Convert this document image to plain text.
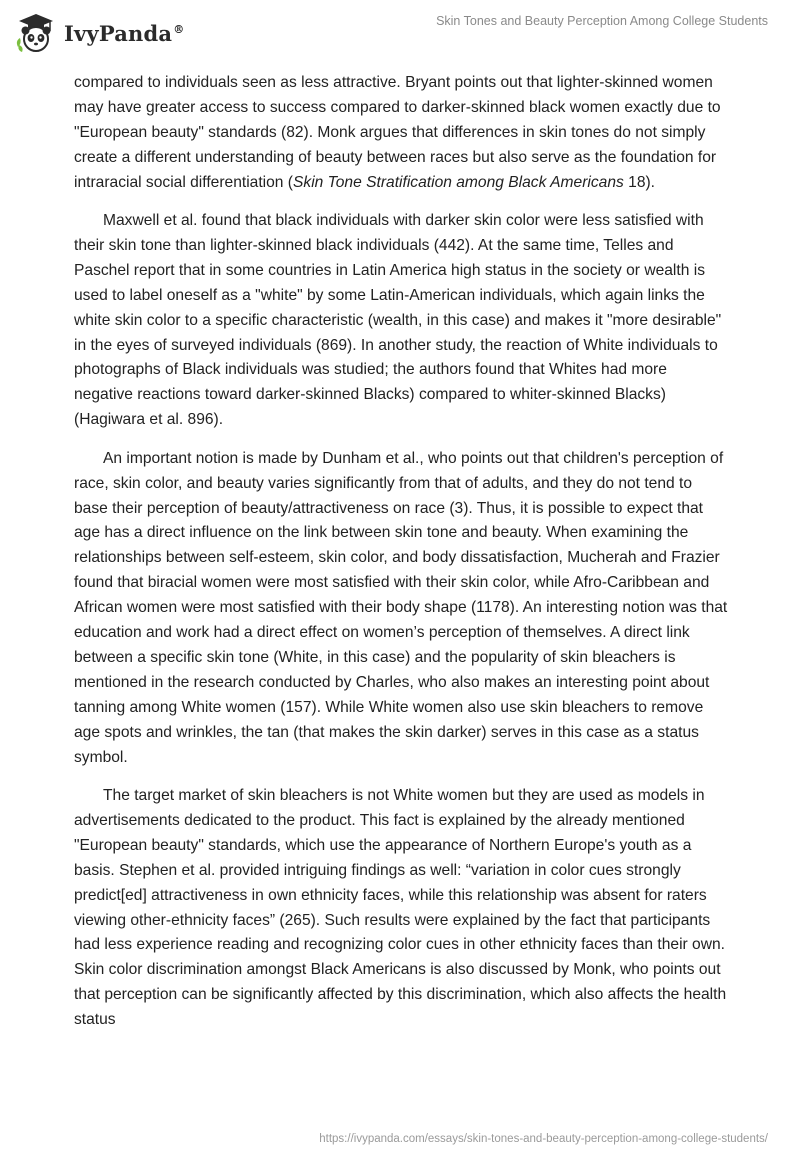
IvyPanda®
Skin Tones and Beauty Perception Among College Students

compared to individuals seen as less attractive. Bryant points out that lighter-skinned women may have greater access to success compared to darker-skinned black women exactly due to "European beauty" standards (82). Monk argues that differences in skin tones do not simply create a different understanding of beauty between races but also serve as the foundation for intraracial social differentiation (Skin Tone Stratification among Black Americans 18).

Maxwell et al. found that black individuals with darker skin color were less satisfied with their skin tone than lighter-skinned black individuals (442). At the same time, Telles and Paschel report that in some countries in Latin America high status in the society or wealth is used to label oneself as a "white" by some Latin-American individuals, which again links the white skin color to a specific characteristic (wealth, in this case) and makes it "more desirable" in the eyes of surveyed individuals (869). In another study, the reaction of White individuals to photographs of Black individuals was studied; the authors found that Whites had more negative reactions toward darker-skinned Blacks) compared to whiter-skinned Blacks) (Hagiwara et al. 896).

An important notion is made by Dunham et al., who points out that children's perception of race, skin color, and beauty varies significantly from that of adults, and they do not tend to base their perception of beauty/attractiveness on race (3). Thus, it is possible to expect that age has a direct influence on the link between skin tone and beauty. When examining the relationships between self-esteem, skin color, and body dissatisfaction, Mucherah and Frazier found that biracial women were most satisfied with their skin color, while Afro-Caribbean and African women were most satisfied with their body shape (1178). An interesting notion was that education and work had a direct effect on women’s perception of themselves. A direct link between a specific skin tone (White, in this case) and the popularity of skin bleachers is mentioned in the research conducted by Charles, who also makes an interesting point about tanning among White women (157). While White women also use skin bleachers to remove age spots and wrinkles, the tan (that makes the skin darker) serves in this case as a status symbol.

The target market of skin bleachers is not White women but they are used as models in advertisements dedicated to the product. This fact is explained by the already mentioned "European beauty" standards, which use the appearance of Northern Europe's youth as a basis. Stephen et al. provided intriguing findings as well: “variation in color cues strongly predict[ed] attractiveness in own ethnicity faces, while this relationship was absent for raters viewing other-ethnicity faces” (265). Such results were explained by the fact that participants had less experience reading and recognizing color cues in other ethnicity faces than their own. Skin color discrimination amongst Black Americans is also discussed by Monk, who points out that perception can be significantly affected by this discrimination, which also affects the health status

https://ivypanda.com/essays/skin-tones-and-beauty-perception-among-college-students/
